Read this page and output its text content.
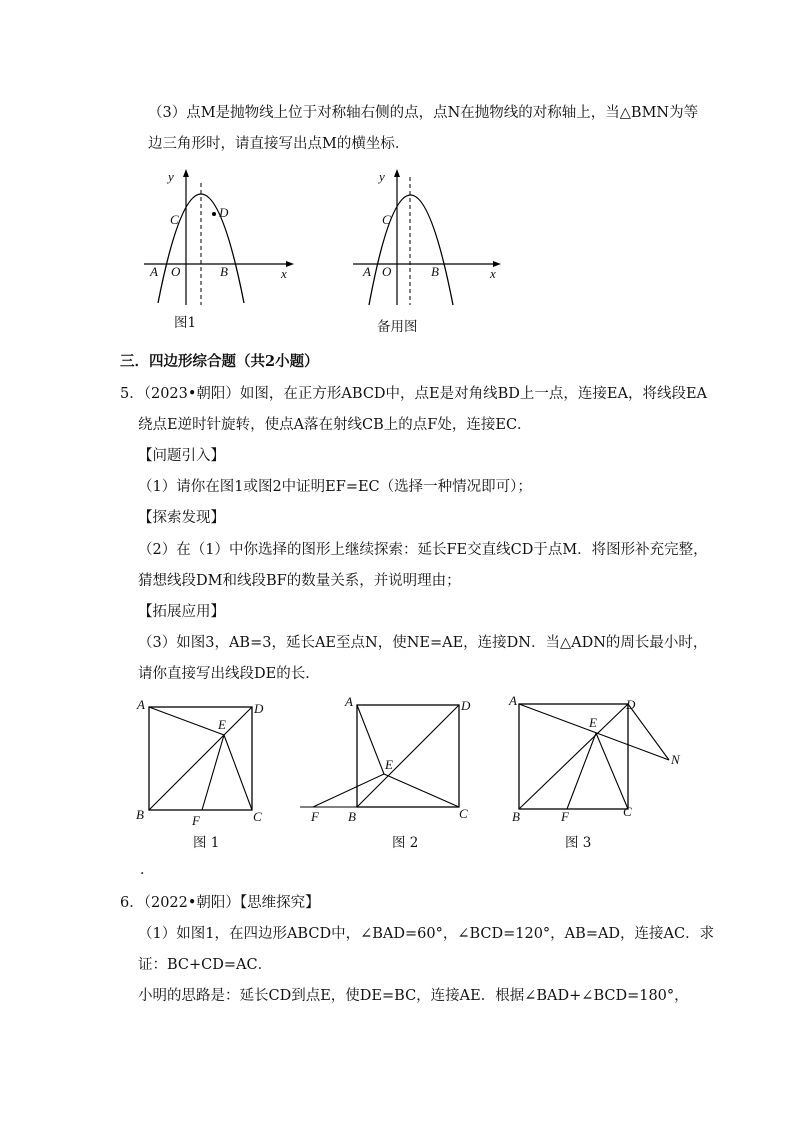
（3）点M是抛物线上位于对称轴右侧的点，点N在抛物线的对称轴上，当△BMN为等
边三角形时，请直接写出点M的横坐标．
y
x
C	D
A O	B
图1
y
x
C
A O	B
备用图
三．四边形综合题（共2小题）
5．（2023•朝阳）如图，在正方形ABCD中，点E是对角线BD上一点，连接EA，将线段EA
绕点E逆时针旋转，使点A落在射线CB上的点F处，连接EC．
【问题引入】
（1）请你在图1或图2中证明EF=EC（选择一种情况即可）；
【探索发现】
（2）在（1）中你选择的图形上继续探索：延长FE交直线CD于点M．将图形补充完整，
猜想线段DM和线段BF的数量关系，并说明理由；
【拓展应用】
（3）如图3，AB=3，延长AE至点N，使NE=AE，连接DN．当△ADN的周长最小时，
请你直接写出线段DE的长．
A	D
E
B	F	C
图 1
A	D
E
F B	C
图 2
A	D
E
N
B	F	C
图 3
．
6．（2022•朝阳）【思维探究】
（1）如图1，在四边形ABCD中，∠BAD=60°，∠BCD=120°，AB=AD，连接AC．求
证：BC+CD=AC．
小明的思路是：延长CD到点E，使DE=BC，连接AE．根据∠BAD+∠BCD=180°，
